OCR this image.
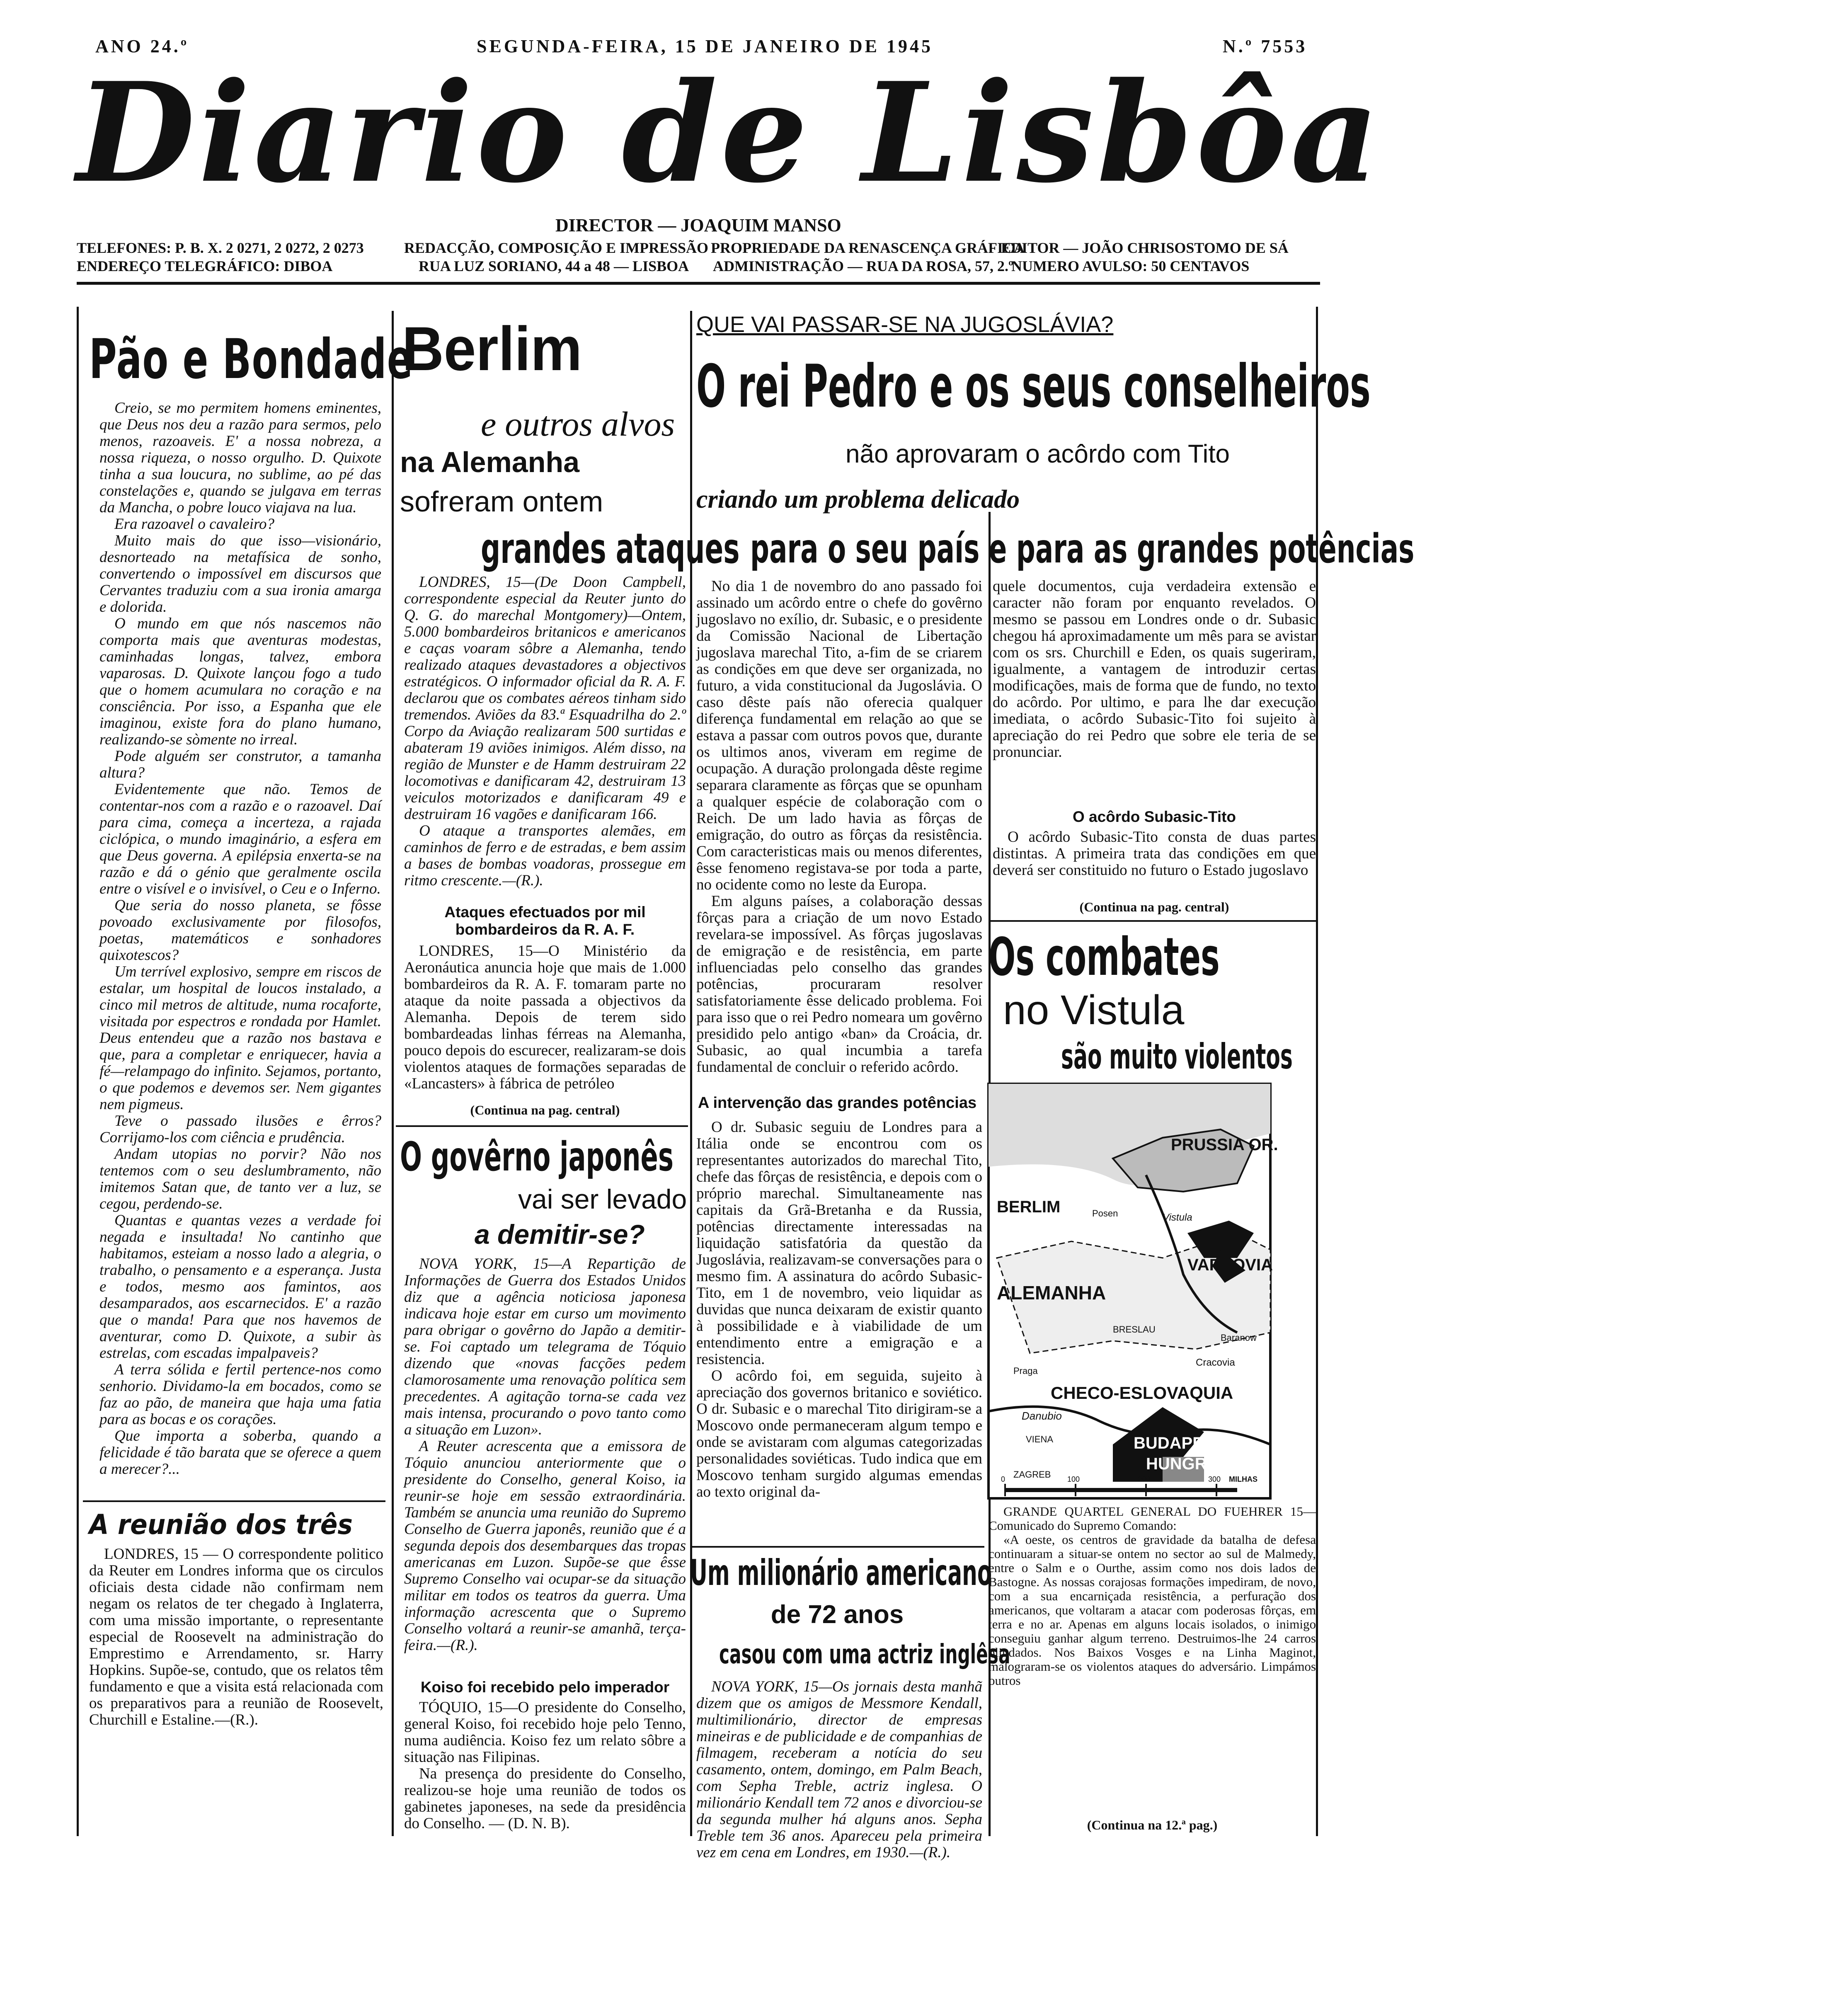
ANO 24.º	SEGUNDA-FEIRA, 15 DE JANEIRO DE 1945	N.º 7553
Diario de Lisbôa
DIRECTOR — JOAQUIM MANSO
TELEFONES: P. B. X. 2 0271, 2 0272, 2 0273
ENDEREÇO TELEGRÁFICO: DIBOA
REDACÇÃO, COMPOSIÇÃO E IMPRESSÃO
RUA LUZ SORIANO, 44 a 48 — LISBOA
PROPRIEDADE DA RENASCENÇA GRÁFICA
ADMINISTRAÇÃO — RUA DA ROSA, 57, 2.º
EDITOR — JOÃO CHRISOSTOMO DE SÁ
NUMERO AVULSO: 50 CENTAVOS
Pão e Bondade

Creio, se mo permitem homens eminentes, que Deus nos deu a razão para sermos, pelo menos, razoaveis. E' a nossa nobreza, a nossa riqueza, o nosso orgulho. D. Quixote tinha a sua loucura, no sublime, ao pé das constelações e, quando se julgava em terras da Mancha, o pobre louco viajava na lua.

Era razoavel o cavaleiro?

Muito mais do que isso—visionário, desnorteado na metafísica de sonho, convertendo o impossível em discursos que Cervantes traduziu com a sua ironia amarga e dolorida.

O mundo em que nós nascemos não comporta mais que aventuras modestas, caminhadas longas, talvez, embora vaparosas. D. Quixote lançou fogo a tudo que o homem acumulara no coração e na consciência. Por isso, a Espanha que ele imaginou, existe fora do plano humano, realizando-se sòmente no irreal.

Pode alguém ser construtor, a tamanha altura?

Evidentemente que não. Temos de contentar-nos com a razão e o razoavel. Daí para cima, começa a incerteza, a rajada ciclópica, o mundo imaginário, a esfera em que Deus governa. A epilépsia enxerta-se na razão e dá o génio que geralmente oscila entre o visível e o invisível, o Ceu e o Inferno.

Que seria do nosso planeta, se fôsse povoado exclusivamente por filosofos, poetas, matemáticos e sonhadores quixotescos?

Um terrível explosivo, sempre em riscos de estalar, um hospital de loucos instalado, a cinco mil metros de altitude, numa rocaforte, visitada por espectros e rondada por Hamlet. Deus entendeu que a razão nos bastava e que, para a completar e enriquecer, havia a fé—relampago do infinito. Sejamos, portanto, o que podemos e devemos ser. Nem gigantes nem pigmeus.

Teve o passado ilusões e êrros? Corrijamo-los com ciência e prudência.

Andam utopias no porvir? Não nos tentemos com o seu deslumbramento, não imitemos Satan que, de tanto ver a luz, se cegou, perdendo-se.

Quantas e quantas vezes a verdade foi negada e insultada! No cantinho que habitamos, esteiam a nosso lado a alegria, o trabalho, o pensamento e a esperança. Justa e todos, mesmo aos famintos, aos desamparados, aos escarnecidos. E' a razão que o manda! Para que nos havemos de aventurar, como D. Quixote, a subir às estrelas, com escadas impalpaveis?

A terra sólida e fertil pertence-nos como senhorio. Dividamo-la em bocados, como se faz ao pão, de maneira que haja uma fatia para as bocas e os corações.

Que importa a soberba, quando a felicidade é tão barata que se oferece a quem a merecer?...

A reunião dos três

LONDRES, 15 — O correspondente politico da Reuter em Londres informa que os circulos oficiais desta cidade não confirmam nem negam os relatos de ter chegado à Inglaterra, com uma missão importante, o representante especial de Roosevelt na administração do Emprestimo e Arrendamento, sr. Harry Hopkins. Supõe-se, contudo, que os relatos têm fundamento e que a visita está relacionada com os preparativos para a reunião de Roosevelt, Churchill e Estaline.—(R.).

Berlim
e outros alvos
na Alemanha
sofreram ontem
grandes ataques

LONDRES, 15—(De Doon Campbell, correspondente especial da Reuter junto do Q. G. do marechal Montgomery)—Ontem, 5.000 bombardeiros britanicos e americanos e caças voaram sôbre a Alemanha, tendo realizado ataques devastadores a objectivos estratégicos. O informador oficial da R. A. F. declarou que os combates aéreos tinham sido tremendos. Aviões da 83.ª Esquadrilha do 2.º Corpo da Aviação realizaram 500 surtidas e abateram 19 aviões inimigos. Além disso, na região de Munster e de Hamm destruiram 22 locomotivas e danificaram 42, destruiram 13 veiculos motorizados e danificaram 49 e destruiram 16 vagões e danificaram 166.

O ataque a transportes alemães, em caminhos de ferro e de estradas, e bem assim a bases de bombas voadoras, prossegue em ritmo crescente.—(R.).

Ataques efectuados por mil bombardeiros da R. A. F.

LONDRES, 15—O Ministério da Aeronáutica anuncia hoje que mais de 1.000 bombardeiros da R. A. F. tomaram parte no ataque da noite passada a objectivos da Alemanha. Depois de terem sido bombardeadas linhas férreas na Alemanha, pouco depois do escurecer, realizaram-se dois violentos ataques de formações separadas de «Lancasters» à fábrica de petróleo

(Continua na pag. central)
O govêrno japonês
vai ser levado
a demitir-se?

NOVA YORK, 15—A Repartição de Informações de Guerra dos Estados Unidos diz que a agência noticiosa japonesa indicava hoje estar em curso um movimento para obrigar o govêrno do Japão a demitir-se. Foi captado um telegrama de Tóquio dizendo que «novas facções pedem clamorosamente uma renovação política sem precedentes. A agitação torna-se cada vez mais intensa, procurando o povo tanto como a situação em Luzon».

A Reuter acrescenta que a emissora de Tóquio anunciou anteriormente que o presidente do Conselho, general Koiso, ia reunir-se hoje em sessão extraordinária. Também se anuncia uma reunião do Supremo Conselho de Guerra japonês, reunião que é a segunda depois dos desembarques das tropas americanas em Luzon. Supõe-se que êsse Supremo Conselho vai ocupar-se da situação militar em todos os teatros da guerra. Uma informação acrescenta que o Supremo Conselho voltará a reunir-se amanhã, terça-feira.—(R.).

Koiso foi recebido pelo imperador

TÓQUIO, 15—O presidente do Conselho, general Koiso, foi recebido hoje pelo Tenno, numa audiência. Koiso fez um relato sôbre a situação nas Filipinas.

Na presença do presidente do Conselho, realizou-se hoje uma reunião de todos os gabinetes japoneses, na sede da presidência do Conselho. — (D. N. B).

QUE VAI PASSAR-SE NA JUGOSLÁVIA?
O rei Pedro e os seus conselheiros
não aprovaram o acôrdo com Tito
criando um problema delicado
para o seu país e para as grandes potências

No dia 1 de novembro do ano passado foi assinado um acôrdo entre o chefe do govêrno jugoslavo no exílio, dr. Subasic, e o presidente da Comissão Nacional de Libertação jugoslava marechal Tito, a-fim de se criarem as condições em que deve ser organizada, no futuro, a vida constitucional da Jugoslávia. O caso dêste país não oferecia qualquer diferença fundamental em relação ao que se estava a passar com outros povos que, durante os ultimos anos, viveram em regime de ocupação. A duração prolongada dêste regime separara claramente as fôrças que se opunham a qualquer espécie de colaboração com o Reich. De um lado havia as fôrças de emigração, do outro as fôrças da resistência. Com caracteristicas mais ou menos diferentes, êsse fenomeno registava-se por toda a parte, no ocidente como no leste da Europa.

Em alguns países, a colaboração dessas fôrças para a criação de um novo Estado revelara-se impossível. As fôrças jugoslavas de emigração e de resistência, em parte influenciadas pelo conselho das grandes potências, procuraram resolver satisfatoriamente êsse delicado problema. Foi para isso que o rei Pedro nomeara um govêrno presidido pelo antigo «ban» da Croácia, dr. Subasic, ao qual incumbia a tarefa fundamental de concluir o referido acôrdo.

A intervenção das grandes potências

O dr. Subasic seguiu de Londres para a Itália onde se encontrou com os representantes autorizados do marechal Tito, chefe das fôrças de resistência, e depois com o próprio marechal. Simultaneamente nas capitais da Grã-Bretanha e da Russia, potências directamente interessadas na liquidação satisfatória da questão da Jugoslávia, realizavam-se conversações para o mesmo fim. A assinatura do acôrdo Subasic-Tito, em 1 de novembro, veio liquidar as duvidas que nunca deixaram de existir quanto à possibilidade e à viabilidade de um entendimento entre a emigração e a resistencia.

O acôrdo foi, em seguida, sujeito à apreciação dos governos britanico e soviético. O dr. Subasic e o marechal Tito dirigiram-se a Moscovo onde permaneceram algum tempo e onde se avistaram com algumas categorizadas personalidades soviéticas. Tudo indica que em Moscovo tenham surgido algumas emendas ao texto original da-

Um milionário americano
de 72 anos
casou com uma actriz inglêsa

NOVA YORK, 15—Os jornais desta manhã dizem que os amigos de Messmore Kendall, multimilionário, director de empresas mineiras e de publicidade e de companhias de filmagem, receberam a notícia do seu casamento, ontem, domingo, em Palm Beach, com Sepha Treble, actriz inglesa. O milionário Kendall tem 72 anos e divorciou-se da segunda mulher há alguns anos. Sepha Treble tem 36 anos. Apareceu pela primeira vez em cena em Londres, em 1930.—(R.).

quele documentos, cuja verdadeira extensão e caracter não foram por enquanto revelados. O mesmo se passou em Londres onde o dr. Subasic chegou há aproximadamente um mês para se avistar com os srs. Churchill e Eden, os quais sugeriram, igualmente, a vantagem de introduzir certas modificações, mais de forma que de fundo, no texto do acôrdo. Por ultimo, e para lhe dar execução imediata, o acôrdo Subasic-Tito foi sujeito à apreciação do rei Pedro que sobre ele teria de se pronunciar.

O acôrdo Subasic-Tito

O acôrdo Subasic-Tito consta de duas partes distintas. A primeira trata das condições em que deverá ser constituido no futuro o Estado jugoslavo

(Continua na pag. central)
Os combates
no Vistula
são muito violentos
PRUSSIA OR.
BERLIM	Posen	Vistula
VARSOVIA
ALEMANHA
BRESLAU
Cracovia
Baranow
Praga
CHECO-ESLOVAQUIA
Danubio
VIENA	BUDAPESTE
HUNGRIA
ZAGREB
0	100	200	300 MILHAS

GRANDE QUARTEL GENERAL DO FUEHRER 15—Comunicado do Supremo Comando:

«A oeste, os centros de gravidade da batalha de defesa continuaram a situar-se ontem no sector ao sul de Malmedy, entre o Salm e o Ourthe, assim como nos dois lados de Bastogne. As nossas corajosas formações impediram, de novo, com a sua encarniçada resistência, a perfuração dos americanos, que voltaram a atacar com poderosas fôrças, em terra e no ar. Apenas em alguns locais isolados, o inimigo conseguiu ganhar algum terreno. Destruimos-lhe 24 carros blindados. Nos Baixos Vosges e na Linha Maginot, malograram-se os violentos ataques do adversário. Limpámos outros

(Continua na 12.ª pag.)
